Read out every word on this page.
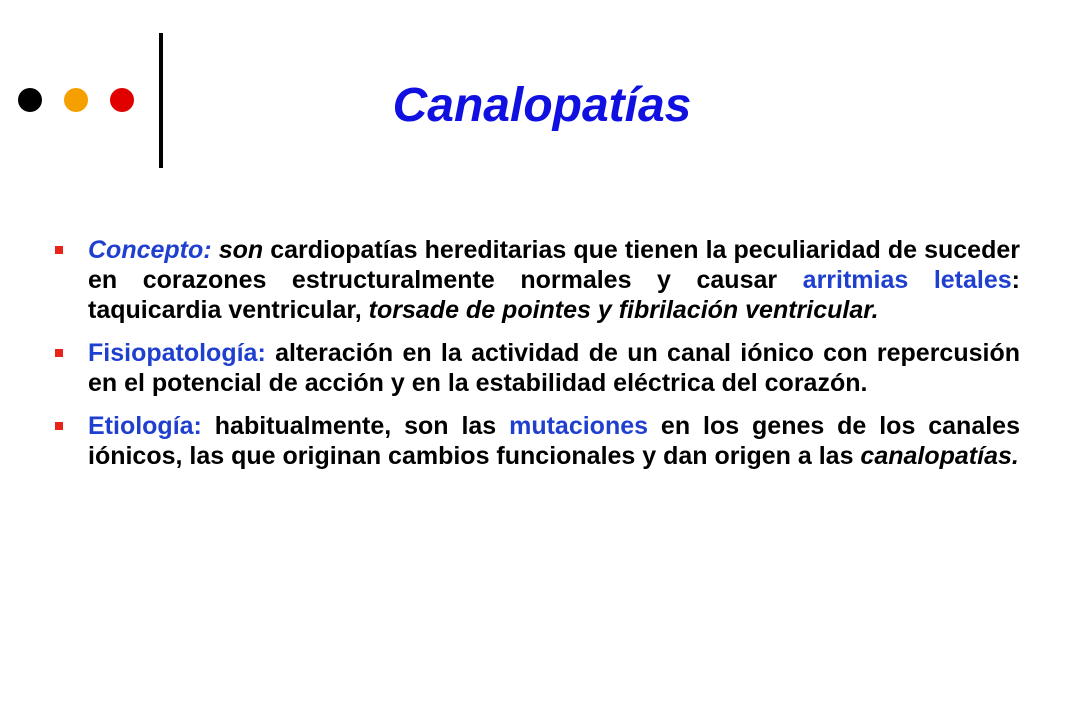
Canalopatías
Concepto: son cardiopatías hereditarias que tienen la peculiaridad de suceder en corazones estructuralmente normales y causar arritmias letales: taquicardia ventricular, torsade de pointes y fibrilación ventricular.
Fisiopatología: alteración en la actividad de un canal iónico con repercusión en el potencial de acción y en la estabilidad eléctrica del corazón.
Etiología: habitualmente, son las mutaciones en los genes de los canales iónicos, las que originan cambios funcionales y dan origen a las canalopatías.
